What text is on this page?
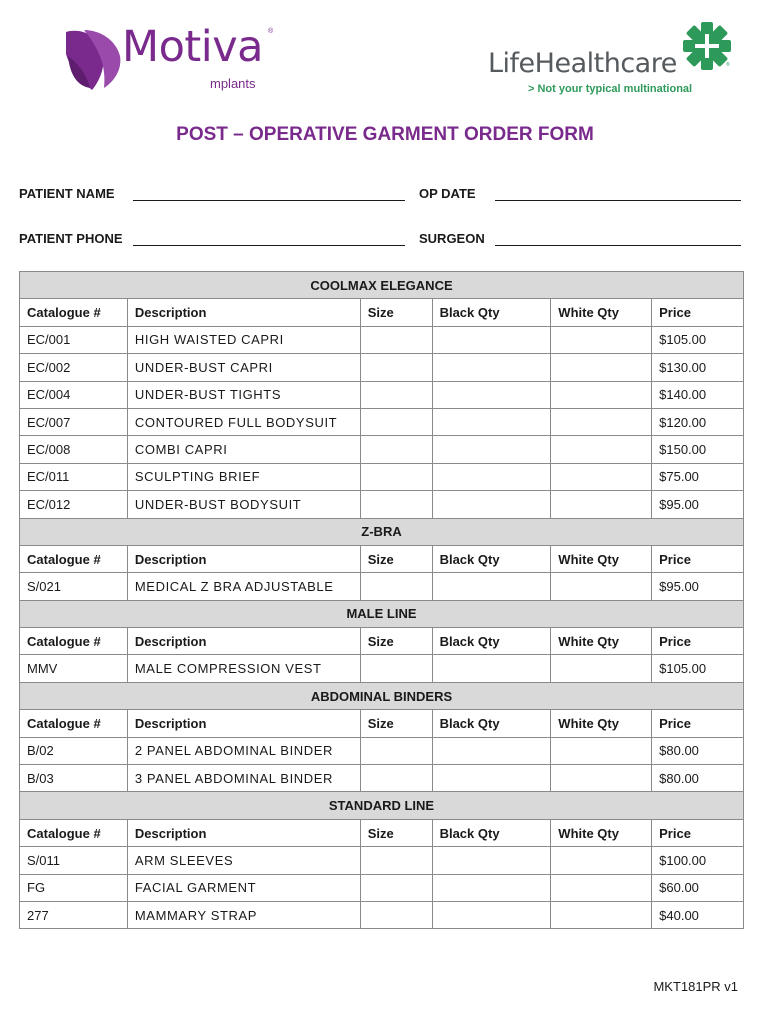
Motiva ®
mplants
LifeHealthcare
> Not your typical multinational
®
POST – OPERATIVE GARMENT ORDER FORM
PATIENT NAME	OP DATE
PATIENT PHONE	SURGEON
COOLMAX ELEGANCE					
Catalogue #	Description	Size	Black Qty	White Qty	Price
EC/001	HIGH WAISTED CAPRI				$105.00
EC/002	UNDER-BUST CAPRI				$130.00
EC/004	UNDER-BUST TIGHTS				$140.00
EC/007	CONTOURED FULL BODYSUIT				$120.00
EC/008	COMBI CAPRI				$150.00
EC/011	SCULPTING BRIEF				$75.00
EC/012	UNDER-BUST BODYSUIT				$95.00
Z-BRA					
Catalogue #	Description	Size	Black Qty	White Qty	Price
S/021	MEDICAL Z BRA ADJUSTABLE				$95.00
MALE LINE					
Catalogue #	Description	Size	Black Qty	White Qty	Price
MMV	MALE COMPRESSION VEST				$105.00
ABDOMINAL BINDERS					
Catalogue #	Description	Size	Black Qty	White Qty	Price
B/02	2 PANEL ABDOMINAL BINDER				$80.00
B/03	3 PANEL ABDOMINAL BINDER				$80.00
STANDARD LINE					
Catalogue #	Description	Size	Black Qty	White Qty	Price
S/011	ARM SLEEVES				$100.00
FG	FACIAL GARMENT				$60.00
277	MAMMARY STRAP				$40.00
MKT181PR v1
